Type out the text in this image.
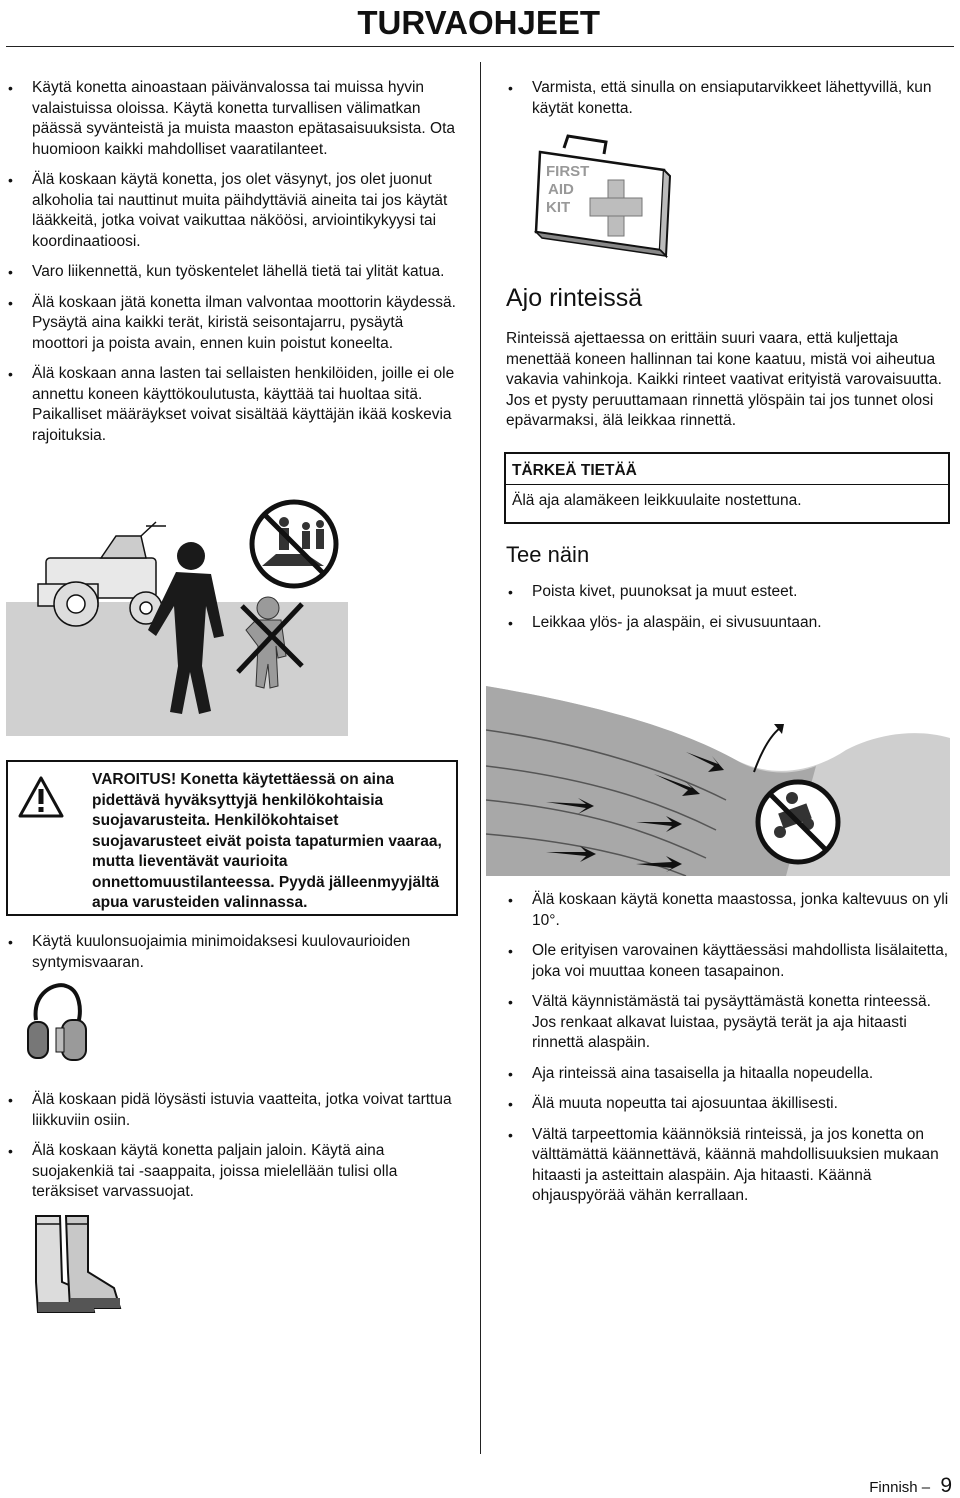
TURVAOHJEET
• Käytä konetta ainoastaan päivänvalossa tai muissa hyvin valaistuissa oloissa. Käytä konetta turvallisen välimatkan päässä syvänteistä ja muista maaston epätasaisuuksista. Ota huomioon kaikki mahdolliset vaaratilanteet.
• Älä koskaan käytä konetta, jos olet väsynyt, jos olet juonut alkoholia tai nauttinut muita päihdyttäviä aineita tai jos käytät lääkkeitä, jotka voivat vaikuttaa näköösi, arviointikykyysi tai koordinaatioosi.
• Varo liikennettä, kun työskentelet lähellä tietä tai ylität katua.
• Älä koskaan jätä konetta ilman valvontaa moottorin käydessä. Pysäytä aina kaikki terät, kiristä seisontajarru, pysäytä moottori ja poista avain, ennen kuin poistut koneelta.
• Älä koskaan anna lasten tai sellaisten henkilöiden, joille ei ole annettu koneen käyttökoulutusta, käyttää tai huoltaa sitä. Paikalliset määräykset voivat sisältää käyttäjän ikää koskevia rajoituksia.
VAROITUS! Konetta käytettäessä on aina pidettävä hyväksyttyjä henkilökohtaisia suojavarusteita. Henkilökohtaiset suojavarusteet eivät poista tapaturmien vaaraa, mutta lieventävät vaurioita onnettomuustilanteessa. Pyydä jälleenmyyjältä apua varusteiden valinnassa.
• Käytä kuulonsuojaimia minimoidaksesi kuulovaurioiden syntymisvaaran.
• Älä koskaan pidä löysästi istuvia vaatteita, jotka voivat tarttua liikkuviin osiin.
• Älä koskaan käytä konetta paljain jaloin. Käytä aina suojakenkiä tai -saappaita, joissa mielellään tulisi olla teräksiset varvassuojat.
• Varmista, että sinulla on ensiaputarvikkeet lähettyvillä, kun käytät konetta.
FIRST
AID
KIT
Ajo rinteissä
Rinteissä ajettaessa on erittäin suuri vaara, että kuljettaja menettää koneen hallinnan tai kone kaatuu, mistä voi aiheutua vakavia vahinkoja. Kaikki rinteet vaativat erityistä varovaisuutta. Jos et pysty peruuttamaan rinnettä ylöspäin tai jos tunnet olosi epävarmaksi, älä leikkaa rinnettä.
TÄRKEÄ TIETÄÄ
Älä aja alamäkeen leikkuulaite nostettuna.
Tee näin
• Poista kivet, puunoksat ja muut esteet.
• Leikkaa ylös- ja alaspäin, ei sivusuuntaan.
• Älä koskaan käytä konetta maastossa, jonka kaltevuus on yli 10°.
• Ole erityisen varovainen käyttäessäsi mahdollista lisälaitetta, joka voi muuttaa koneen tasapainon.
• Vältä käynnistämästä tai pysäyttämästä konetta rinteessä. Jos renkaat alkavat luistaa, pysäytä terät ja aja hitaasti rinnettä alaspäin.
• Aja rinteissä aina tasaisella ja hitaalla nopeudella.
• Älä muuta nopeutta tai ajosuuntaa äkillisesti.
• Vältä tarpeettomia käännöksiä rinteissä, ja jos konetta on välttämättä käännettävä, käännä mahdollisuuksien mukaan hitaasti ja asteittain alaspäin. Aja hitaasti. Käännä ohjauspyörää vähän kerrallaan.
Finnish – 9
